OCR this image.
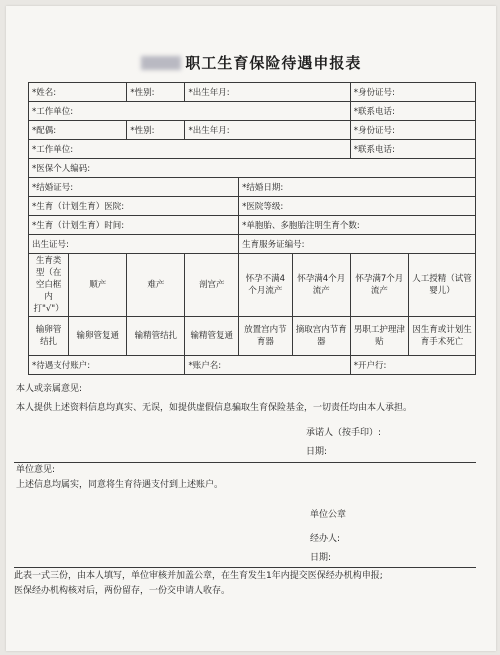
职工生育保险待遇申报表
*姓名:		*性别:	*出生年月:			*身份证号:	
*工作单位:						*联系电话:	
*配偶:		*性别:	*出生年月:			*身份证号:	
*工作单位:						*联系电话:	
*医保个人编码:							
*结婚证号:				*结婚日期:			
*生育（计划生育）医院:				*医院等级:			
*生育（计划生育）时间:				*单胞胎、多胞胎注明生育个数:			
出生证号:				生育服务证编号:			
生育类型（在空白框内打"√"）	顺产	难产	剖宫产	怀孕不满4个月流产	怀孕满4个月流产	怀孕满7个月流产	人工授精（试管婴儿）
输卵管结扎	输卵管复通	输精管结扎	输精管复通	放置宫内节育器	摘取宫内节育器	男职工护理津贴	因生育或计划生育手术死亡
*待遇支付账户:			*账户名:			*开户行:	

本人或亲属意见:

本人提供上述资料信息均真实、无误，如提供虚假信息骗取生育保险基金，一切责任均由本人承担。

承诺人（按手印）:
日期:

单位意见:

上述信息均属实，同意将生育待遇支付到上述账户。

单位公章
经办人:
日期:

此表一式三份，由本人填写，单位审核并加盖公章，在生育发生1年内提交医保经办机构申报;

医保经办机构核对后，两份留存，一份交申请人收存。
